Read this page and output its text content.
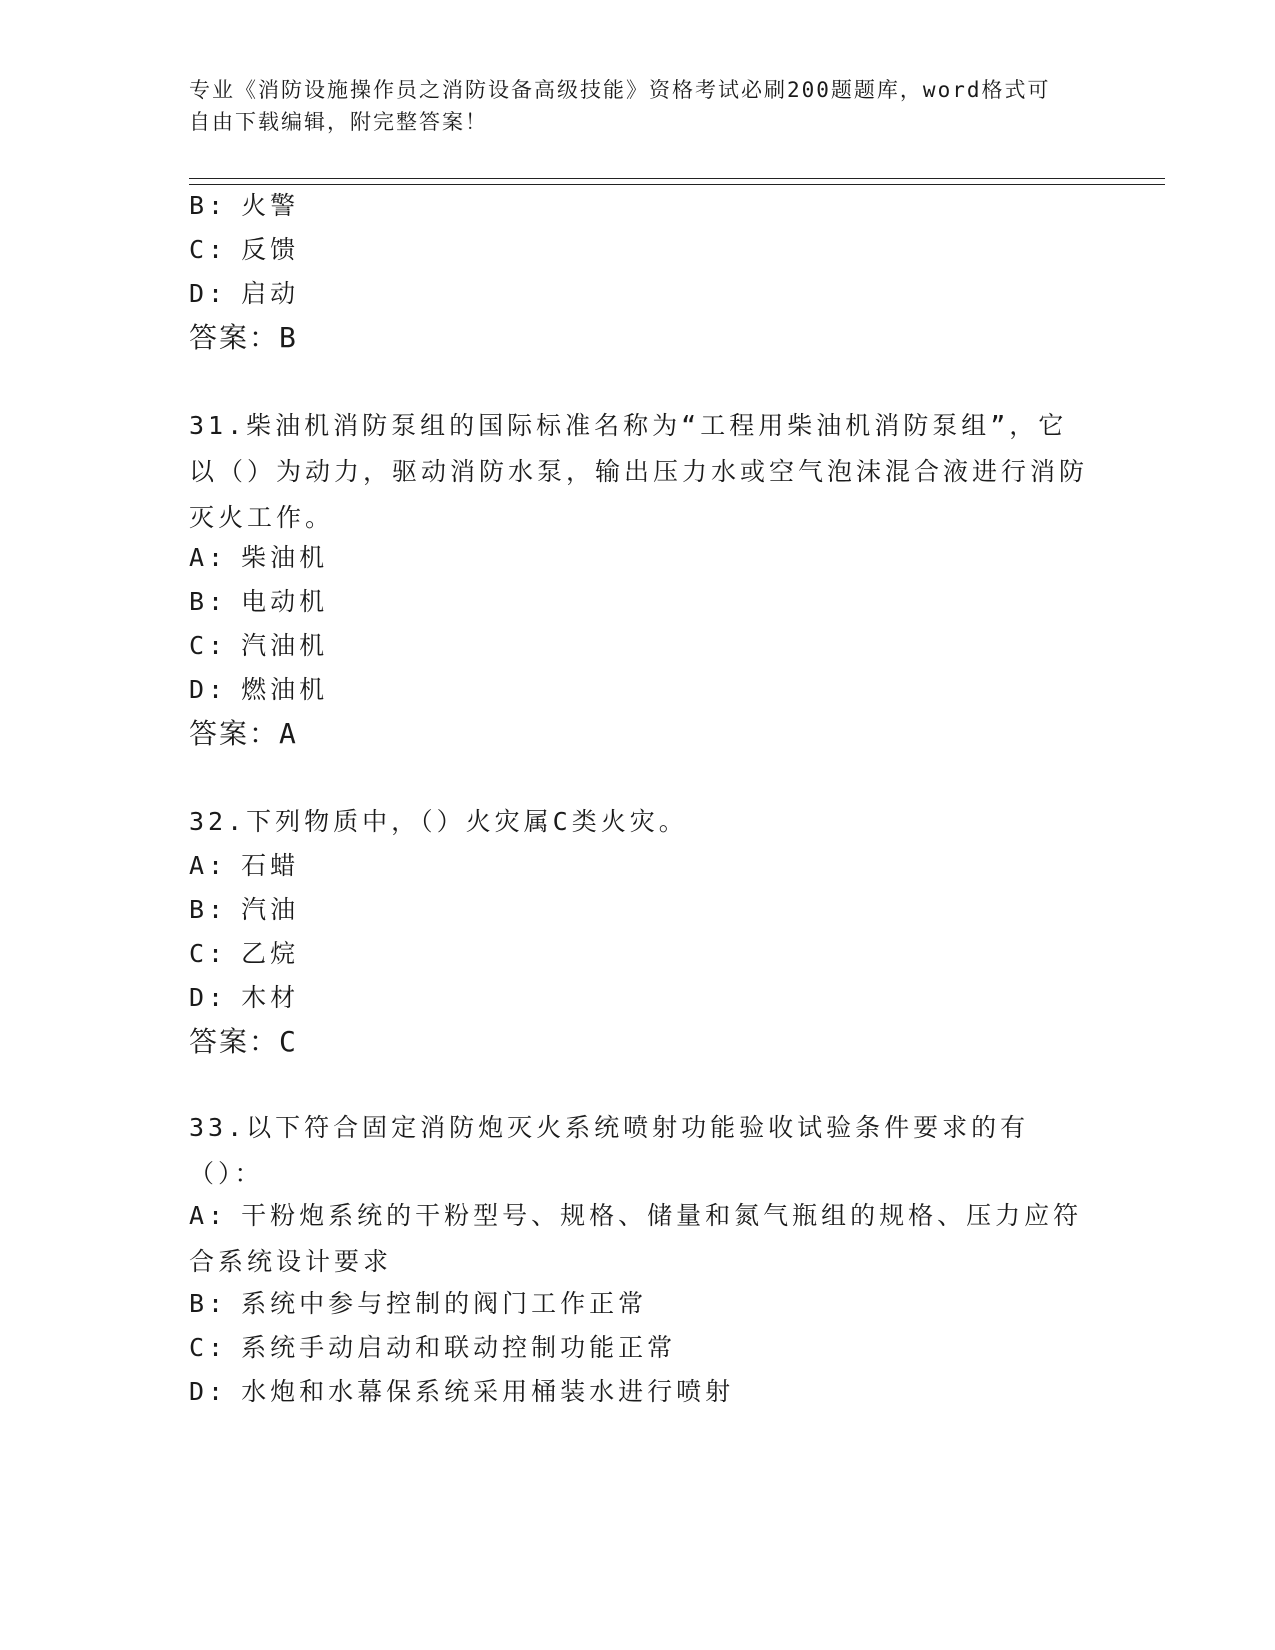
专业《消防设施操作员之消防设备高级技能》资格考试必刷200题题库，word格式可自由下载编辑，附完整答案！
B: 火警
C: 反馈
D: 启动
答案：B
31.柴油机消防泵组的国际标准名称为“工程用柴油机消防泵组”，它以（）为动力，驱动消防水泵，输出压力水或空气泡沫混合液进行消防灭火工作。
A: 柴油机
B: 电动机
C: 汽油机
D: 燃油机
答案：A
32.下列物质中，（）火灾属C类火灾。
A: 石蜡
B: 汽油
C: 乙烷
D: 木材
答案：C
33.以下符合固定消防炮灭火系统喷射功能验收试验条件要求的有（）：
A: 干粉炮系统的干粉型号、规格、储量和氮气瓶组的规格、压力应符合系统设计要求
B: 系统中参与控制的阀门工作正常
C: 系统手动启动和联动控制功能正常
D: 水炮和水幕保系统采用桶装水进行喷射
